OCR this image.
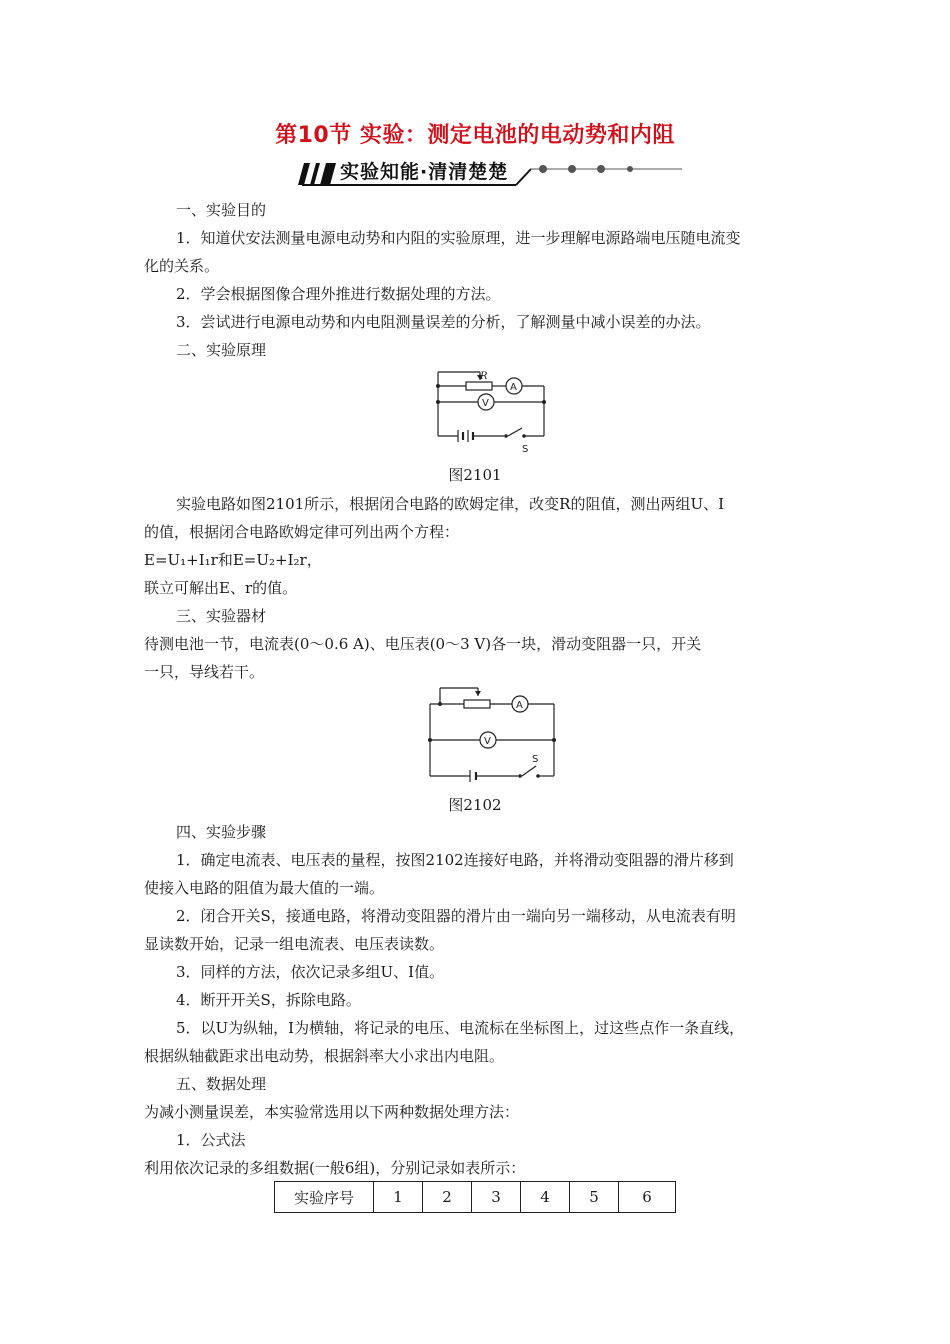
第10节 实验：测定电池的电动势和内阻
实验知能·清清楚楚
一、实验目的
1．知道伏安法测量电源电动势和内阻的实验原理，进一步理解电源路端电压随电流变
化的关系。
2．学会根据图像合理外推进行数据处理的方法。
3．尝试进行电源电动势和内电阻测量误差的分析，了解测量中减小误差的办法。
二、实验原理
R
A
V
S
图2101
实验电路如图2101所示，根据闭合电路的欧姆定律，改变R的阻值，测出两组U、I
的值，根据闭合电路欧姆定律可列出两个方程：
E=U₁+I₁r和E=U₂+I₂r，
联立可解出E、r的值。
三、实验器材
待测电池一节，电流表(0～0.6 A)、电压表(0～3 V)各一块，滑动变阻器一只，开关
一只，导线若干。
A
V
S
图2102
四、实验步骤
1．确定电流表、电压表的量程，按图2102连接好电路，并将滑动变阻器的滑片移到
使接入电路的阻值为最大值的一端。
2．闭合开关S，接通电路，将滑动变阻器的滑片由一端向另一端移动，从电流表有明
显读数开始，记录一组电流表、电压表读数。
3．同样的方法，依次记录多组U、I值。
4．断开开关S，拆除电路。
5．以U为纵轴，I为横轴，将记录的电压、电流标在坐标图上，过这些点作一条直线，
根据纵轴截距求出电动势，根据斜率大小求出内电阻。
五、数据处理
为减小测量误差，本实验常选用以下两种数据处理方法：
1．公式法
利用依次记录的多组数据(一般6组)，分别记录如表所示：
实验序号	1	2	3	4	5	6
